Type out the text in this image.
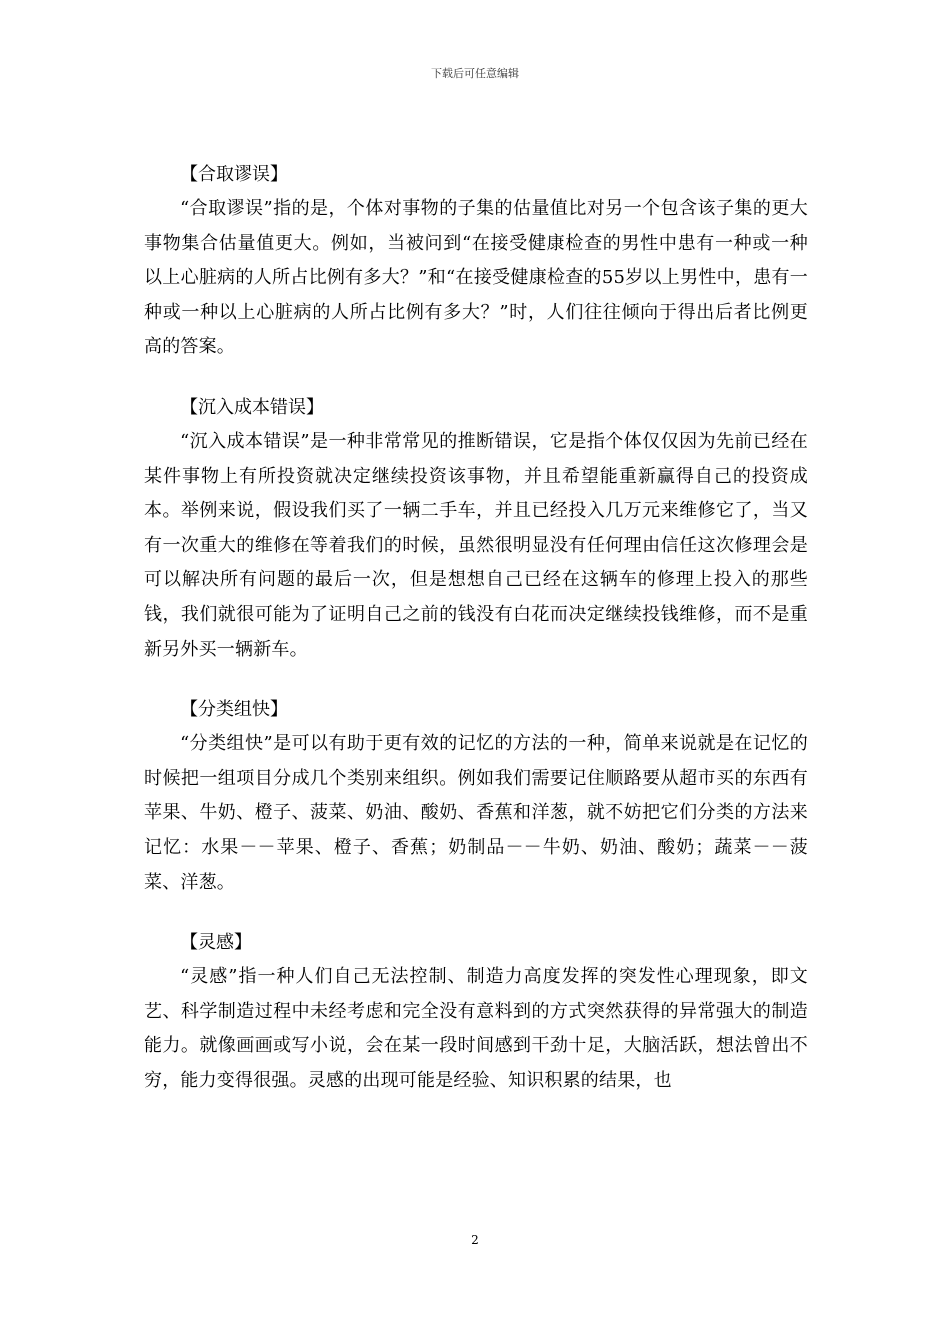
下载后可任意编辑
【合取谬误】

“合取谬误”指的是，个体对事物的子集的估量值比对另一个包含该子集的更大事物集合估量值更大。例如，当被问到“在接受健康检查的男性中患有一种或一种以上心脏病的人所占比例有多大？”和“在接受健康检查的55岁以上男性中，患有一种或一种以上心脏病的人所占比例有多大？”时，人们往往倾向于得出后者比例更高的答案。

【沉入成本错误】

“沉入成本错误”是一种非常常见的推断错误，它是指个体仅仅因为先前已经在某件事物上有所投资就决定继续投资该事物，并且希望能重新赢得自己的投资成本。举例来说，假设我们买了一辆二手车，并且已经投入几万元来维修它了，当又有一次重大的维修在等着我们的时候，虽然很明显没有任何理由信任这次修理会是可以解决所有问题的最后一次，但是想想自己已经在这辆车的修理上投入的那些钱，我们就很可能为了证明自己之前的钱没有白花而决定继续投钱维修，而不是重新另外买一辆新车。

【分类组快】

“分类组快”是可以有助于更有效的记忆的方法的一种，简单来说就是在记忆的时候把一组项目分成几个类别来组织。例如我们需要记住顺路要从超市买的东西有苹果、牛奶、橙子、菠菜、奶油、酸奶、香蕉和洋葱，就不妨把它们分类的方法来记忆：水果－－苹果、橙子、香蕉；奶制品－－牛奶、奶油、酸奶；蔬菜－－菠菜、洋葱。

【灵感】

“灵感”指一种人们自己无法控制、制造力高度发挥的突发性心理现象，即文艺、科学制造过程中未经考虑和完全没有意料到的方式突然获得的异常强大的制造能力。就像画画或写小说，会在某一段时间感到干劲十足，大脑活跃，想法曾出不穷，能力变得很强。灵感的出现可能是经验、知识积累的结果，也

2
